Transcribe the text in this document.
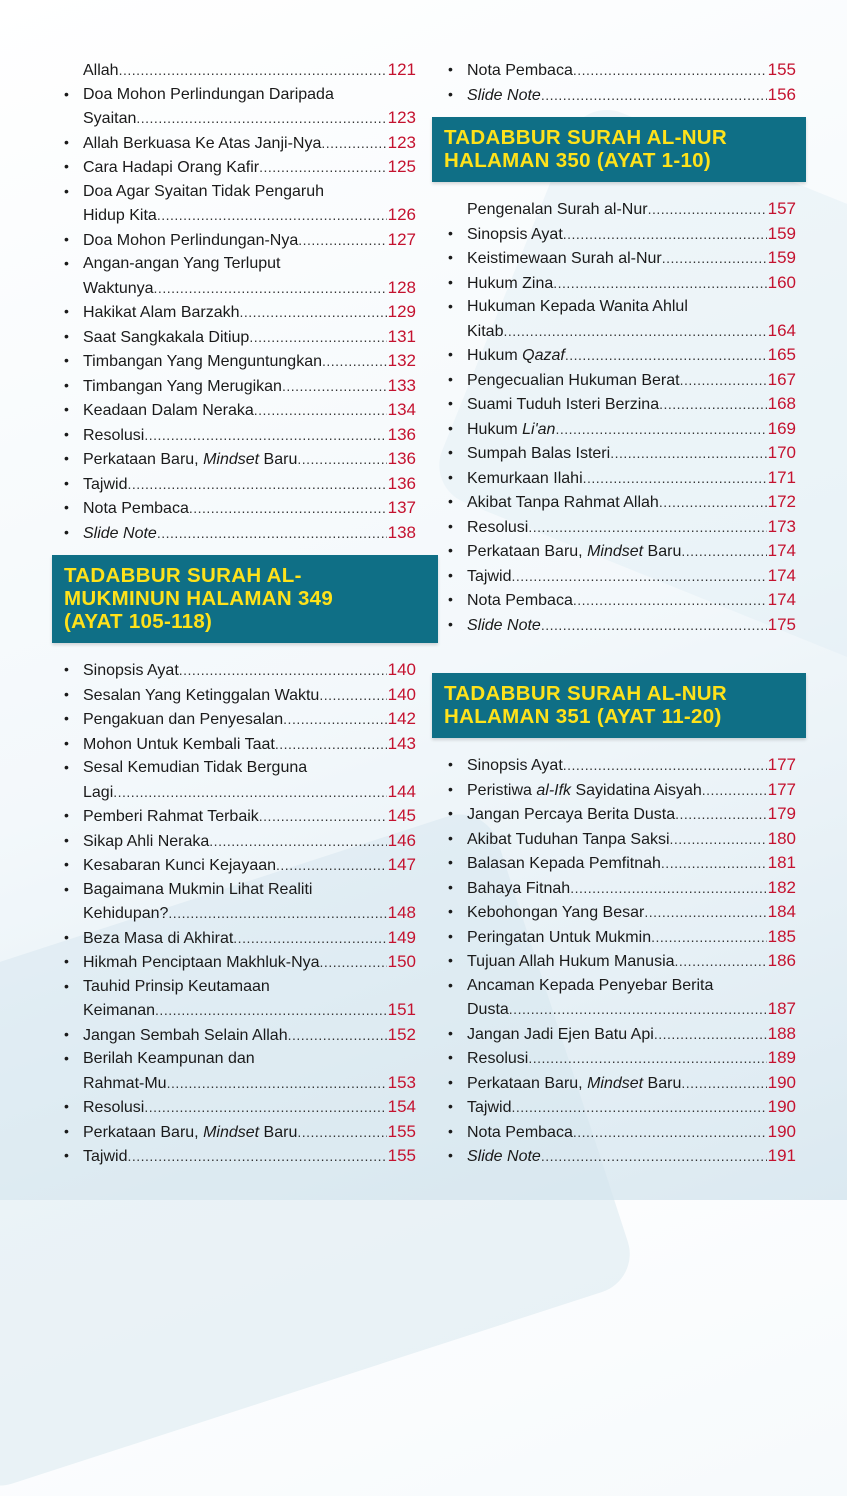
Allah .....	121
• Doa Mohon Perlindungan Daripada
Syaitan .....	123
• Allah Berkuasa Ke Atas Janji-Nya .....	123
• Cara Hadapi Orang Kafir .....	125
• Doa Agar Syaitan Tidak Pengaruh
Hidup Kita .....	126
• Doa Mohon Perlindungan-Nya .....	127
• Angan-angan Yang Terluput
Waktunya .....	128
• Hakikat Alam Barzakh .....	129
• Saat Sangkakala Ditiup .....	131
• Timbangan Yang Menguntungkan .....	132
• Timbangan Yang Merugikan .....	133
• Keadaan Dalam Neraka .....	134
• Resolusi .....	136
• Perkataan Baru, Mindset Baru .....	136
• Tajwid .....	136
• Nota Pembaca .....	137
• Slide Note .....	138
TADABBUR SURAH AL-
MUKMINUN HALAMAN 349
(AYAT 105-118)
• Sinopsis Ayat .....	140
• Sesalan Yang Ketinggalan Waktu .....	140
• Pengakuan dan Penyesalan .....	142
• Mohon Untuk Kembali Taat .....	143
• Sesal Kemudian Tidak Berguna
Lagi .....	144
• Pemberi Rahmat Terbaik .....	145
• Sikap Ahli Neraka .....	146
• Kesabaran Kunci Kejayaan .....	147
• Bagaimana Mukmin Lihat Realiti
Kehidupan? .....	148
• Beza Masa di Akhirat .....	149
• Hikmah Penciptaan Makhluk-Nya .....	150
• Tauhid Prinsip Keutamaan
Keimanan .....	151
• Jangan Sembah Selain Allah .....	152
• Berilah Keampunan dan
Rahmat-Mu .....	153
• Resolusi .....	154
• Perkataan Baru, Mindset Baru .....	155
• Tajwid .....	155
• Nota Pembaca .....	155
• Slide Note .....	156
TADABBUR SURAH AL-NUR
HALAMAN 350 (AYAT 1-10)
Pengenalan Surah al-Nur .....	157
• Sinopsis Ayat .....	159
• Keistimewaan Surah al-Nur .....	159
• Hukum Zina .....	160
• Hukuman Kepada Wanita Ahlul
Kitab .....	164
• Hukum Qazaf .....	165
• Pengecualian Hukuman Berat .....	167
• Suami Tuduh Isteri Berzina .....	168
• Hukum Li'an .....	169
• Sumpah Balas Isteri .....	170
• Kemurkaan Ilahi .....	171
• Akibat Tanpa Rahmat Allah .....	172
• Resolusi .....	173
• Perkataan Baru, Mindset Baru .....	174
• Tajwid .....	174
• Nota Pembaca .....	174
• Slide Note .....	175
TADABBUR SURAH AL-NUR
HALAMAN 351 (AYAT 11-20)
• Sinopsis Ayat .....	177
• Peristiwa al-Ifk Sayidatina Aisyah .....	177
• Jangan Percaya Berita Dusta .....	179
• Akibat Tuduhan Tanpa Saksi .....	180
• Balasan Kepada Pemfitnah .....	181
• Bahaya Fitnah .....	182
• Kebohongan Yang Besar .....	184
• Peringatan Untuk Mukmin .....	185
• Tujuan Allah Hukum Manusia .....	186
• Ancaman Kepada Penyebar Berita
Dusta .....	187
• Jangan Jadi Ejen Batu Api .....	188
• Resolusi .....	189
• Perkataan Baru, Mindset Baru .....	190
• Tajwid .....	190
• Nota Pembaca .....	190
• Slide Note .....	191
